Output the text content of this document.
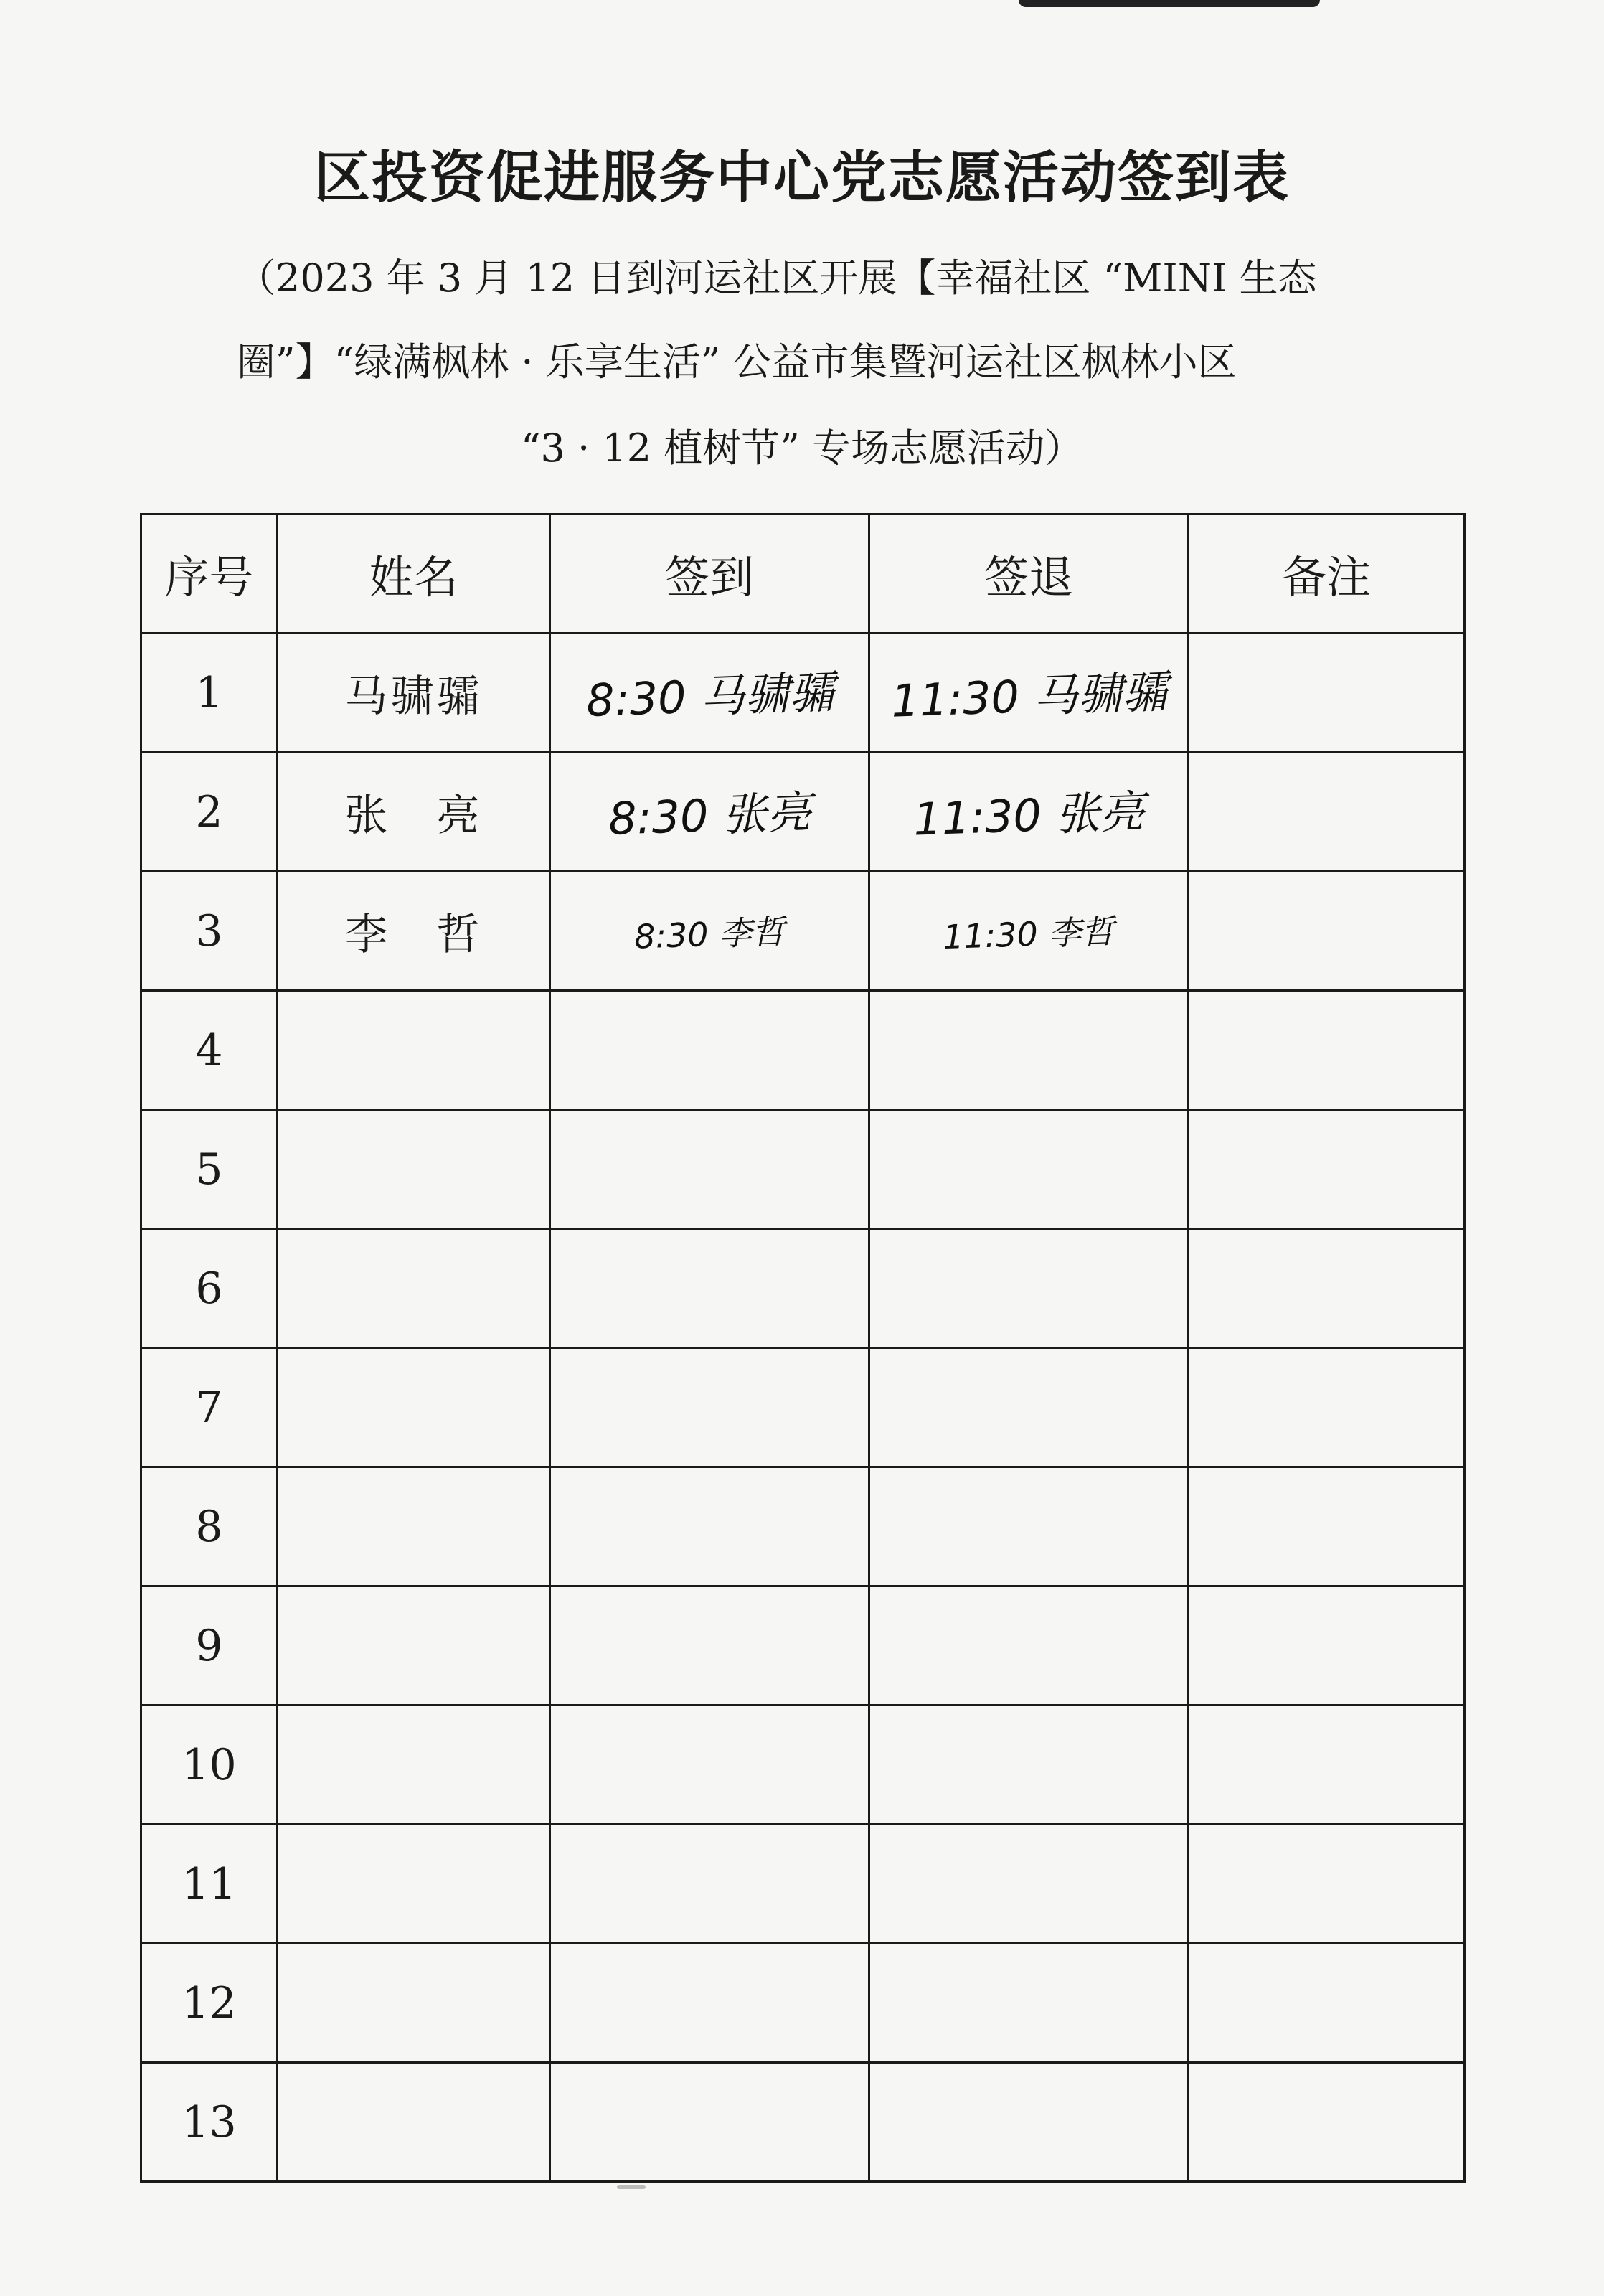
区投资促进服务中心党志愿活动签到表
（2023 年 3 月 12 日到河运社区开展【幸福社区 “MINI 生态
圈”】“绿满枫林 · 乐享生活” 公益市集暨河运社区枫林小区
“3 · 12 植树节” 专场志愿活动）
序号	姓名	签到	签退	备注
1	马骕骦	8:30 马骕骦	11:30 马骕骦	
2	张　亮	8:30 张亮	11:30 张亮	
3	李　哲	8:30 李哲	11:30 李哲	
4				
5				
6				
7				
8				
9				
10				
11				
12				
13				
